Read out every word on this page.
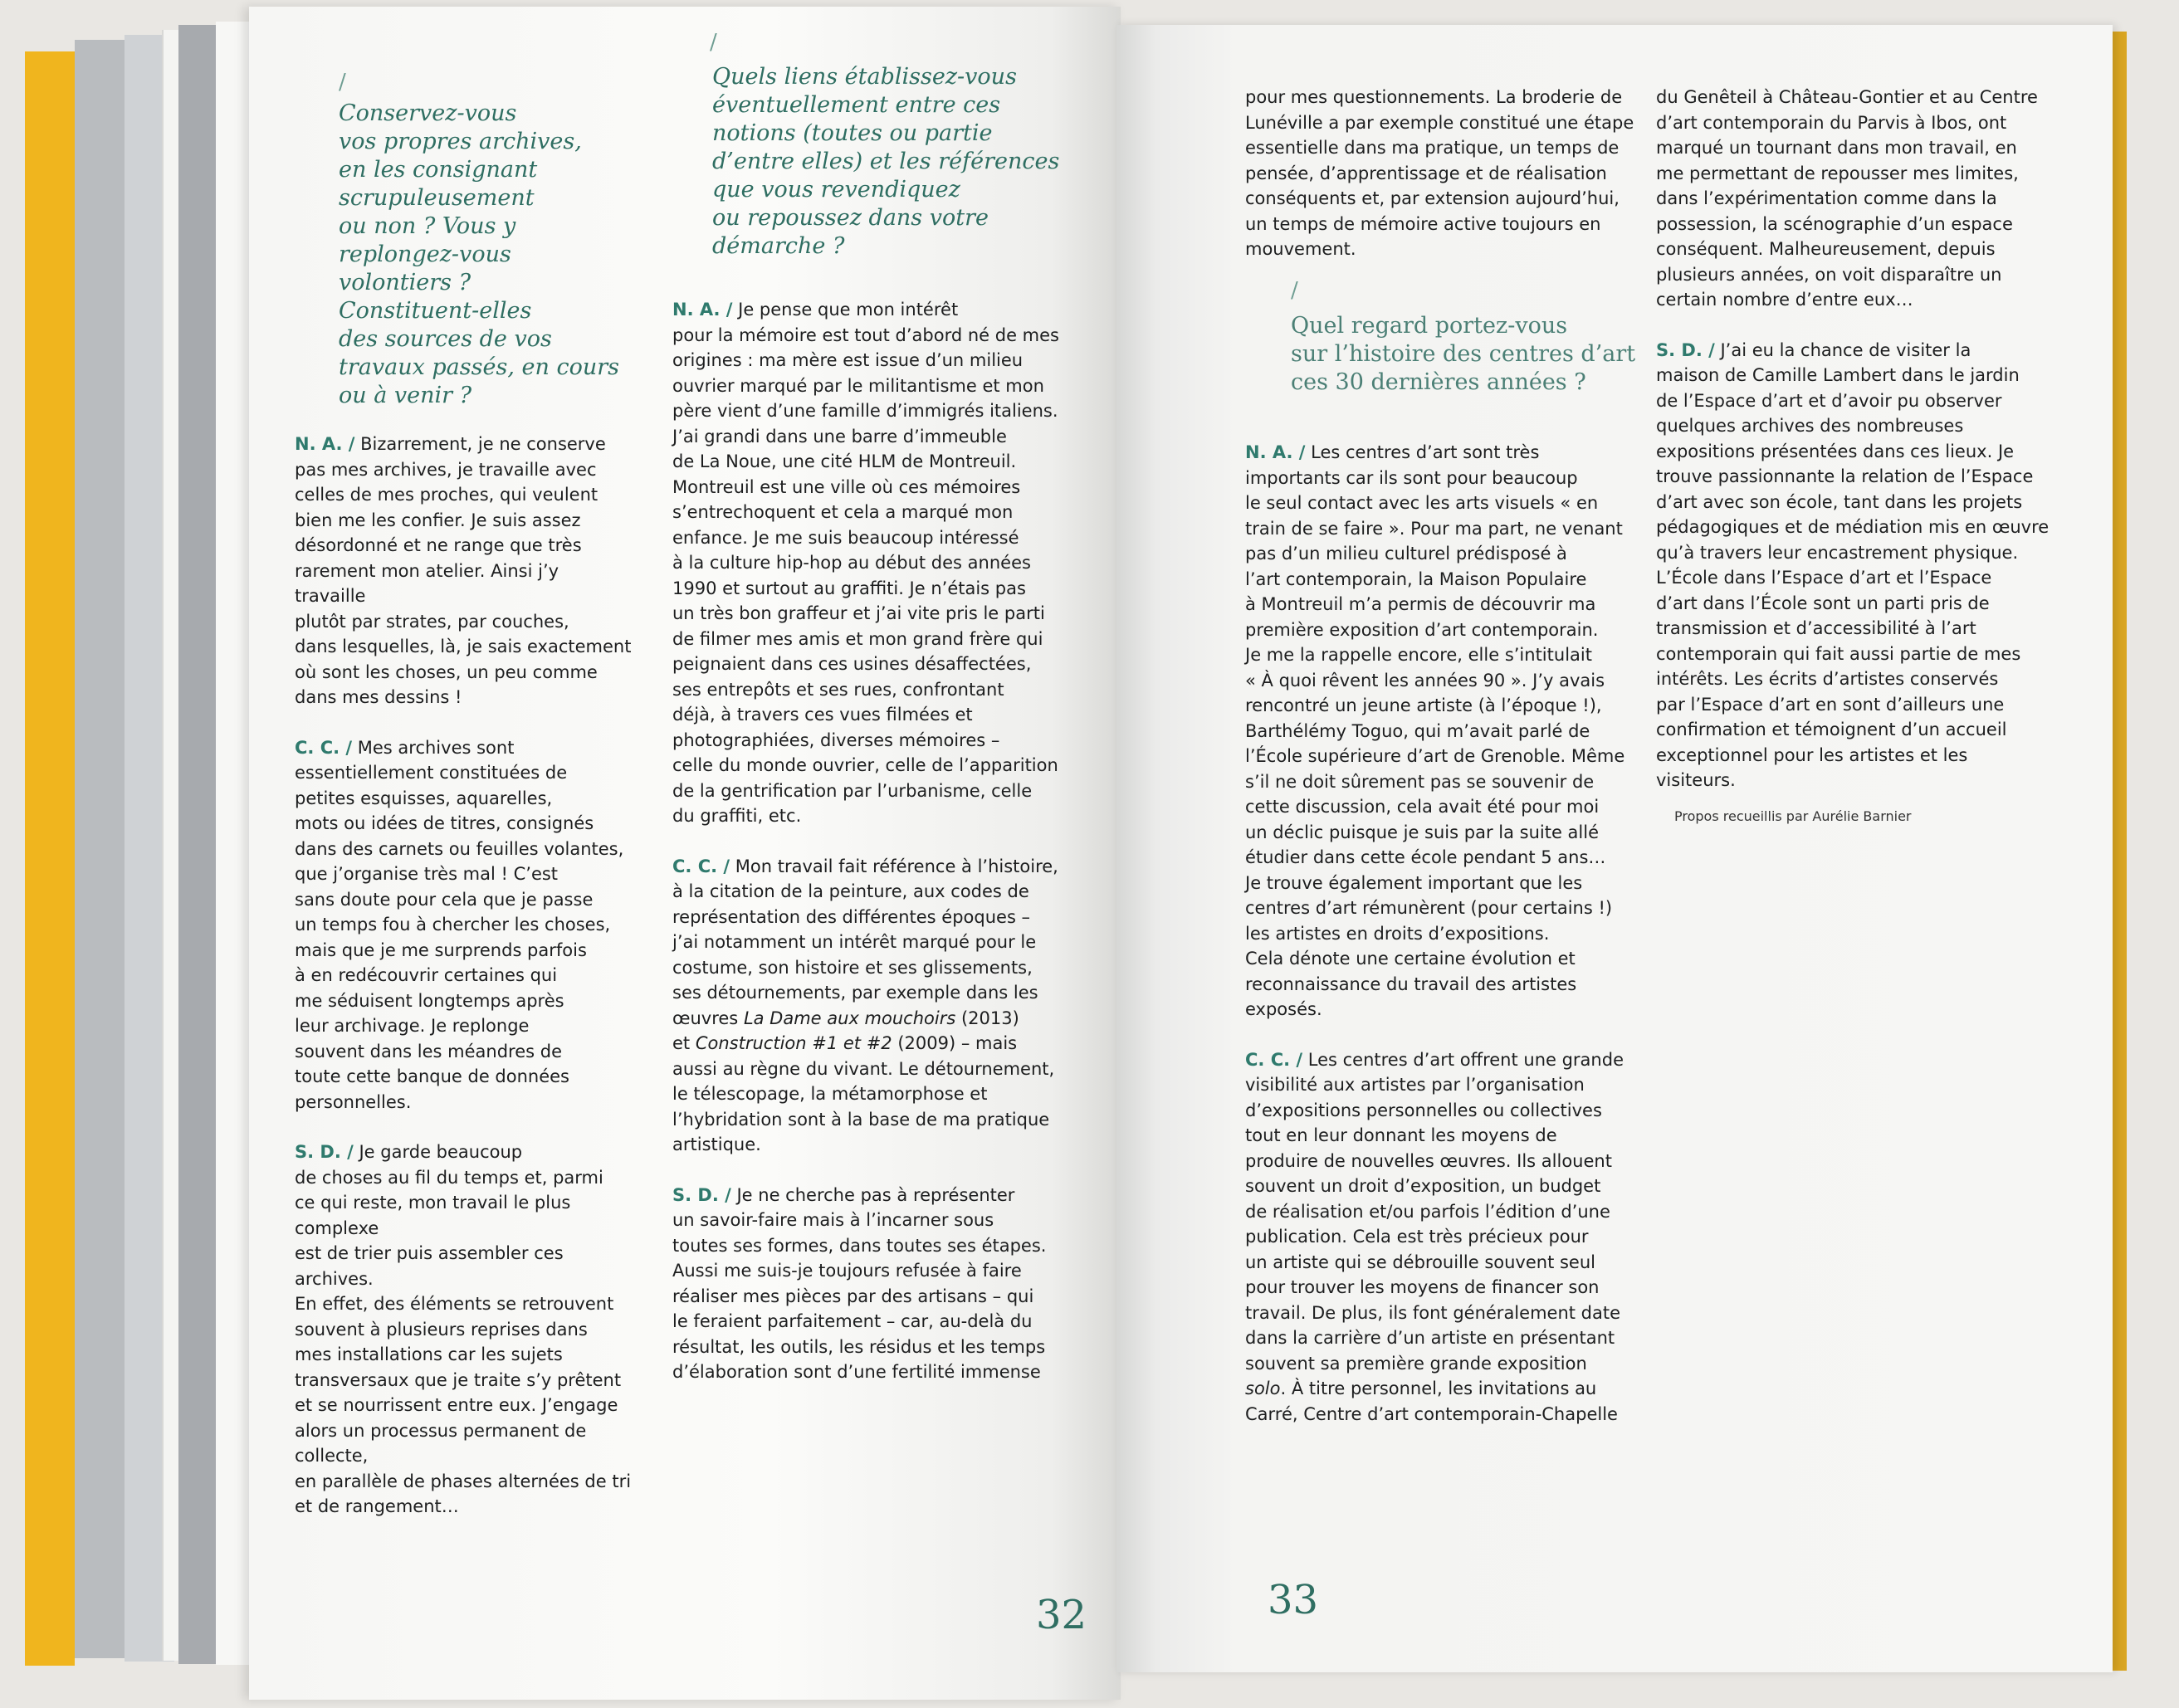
/
Conservez-vous
vos propres archives,
en les consignant
scrupuleusement
ou non ? Vous y
replongez-vous volontiers ?
Constituent-elles
des sources de vos
travaux passés, en cours
ou à venir ?

N. A. / Bizarrement, je ne conserve
pas mes archives, je travaille avec
celles de mes proches, qui veulent
bien me les confier. Je suis assez
désordonné et ne range que très
rarement mon atelier. Ainsi j’y travaille
plutôt par strates, par couches,
dans lesquelles, là, je sais exactement
où sont les choses, un peu comme
dans mes dessins !

C. C. / Mes archives sont
essentiellement constituées de
petites esquisses, aquarelles,
mots ou idées de titres, consignés
dans des carnets ou feuilles volantes,
que j’organise très mal ! C’est
sans doute pour cela que je passe
un temps fou à chercher les choses,
mais que je me surprends parfois
à en redécouvrir certaines qui
me séduisent longtemps après
leur archivage. Je replonge
souvent dans les méandres de
toute cette banque de données
personnelles.

S. D. / Je garde beaucoup
de choses au fil du temps et, parmi
ce qui reste, mon travail le plus complexe
est de trier puis assembler ces archives.
En effet, des éléments se retrouvent
souvent à plusieurs reprises dans
mes installations car les sujets
transversaux que je traite s’y prêtent
et se nourrissent entre eux. J’engage
alors un processus permanent de collecte,
en parallèle de phases alternées de tri
et de rangement…

/
Quels liens établissez-vous
éventuellement entre ces
notions (toutes ou partie
d’entre elles) et les références
que vous revendiquez
ou repoussez dans votre
démarche ?

N. A. / Je pense que mon intérêt
pour la mémoire est tout d’abord né de mes
origines : ma mère est issue d’un milieu
ouvrier marqué par le militantisme et mon
père vient d’une famille d’immigrés italiens.
J’ai grandi dans une barre d’immeuble
de La Noue, une cité HLM de Montreuil.
Montreuil est une ville où ces mémoires
s’entrechoquent et cela a marqué mon
enfance. Je me suis beaucoup intéressé
à la culture hip-hop au début des années
1990 et surtout au graffiti. Je n’étais pas
un très bon graffeur et j’ai vite pris le parti
de filmer mes amis et mon grand frère qui
peignaient dans ces usines désaffectées,
ses entrepôts et ses rues, confrontant
déjà, à travers ces vues filmées et
photographiées, diverses mémoires –
celle du monde ouvrier, celle de l’apparition
de la gentrification par l’urbanisme, celle
du graffiti, etc.

C. C. / Mon travail fait référence à l’histoire,
à la citation de la peinture, aux codes de
représentation des différentes époques –
j’ai notamment un intérêt marqué pour le
costume, son histoire et ses glissements,
ses détournements, par exemple dans les
œuvres La Dame aux mouchoirs (2013)
et Construction #1 et #2 (2009) – mais
aussi au règne du vivant. Le détournement,
le télescopage, la métamorphose et
l’hybridation sont à la base de ma pratique
artistique.

S. D. / Je ne cherche pas à représenter
un savoir-faire mais à l’incarner sous
toutes ses formes, dans toutes ses étapes.
Aussi me suis-je toujours refusée à faire
réaliser mes pièces par des artisans – qui
le feraient parfaitement – car, au-delà du
résultat, les outils, les résidus et les temps
d’élaboration sont d’une fertilité immense

32

pour mes questionnements. La broderie de
Lunéville a par exemple constitué une étape
essentielle dans ma pratique, un temps de
pensée, d’apprentissage et de réalisation
conséquents et, par extension aujourd’hui,
un temps de mémoire active toujours en
mouvement.

/
Quel regard portez-vous
sur l’histoire des centres d’art
ces 30 dernières années ?

N. A. / Les centres d’art sont très
importants car ils sont pour beaucoup
le seul contact avec les arts visuels « en
train de se faire ». Pour ma part, ne venant
pas d’un milieu culturel prédisposé à
l’art contemporain, la Maison Populaire
à Montreuil m’a permis de découvrir ma
première exposition d’art contemporain.
Je me la rappelle encore, elle s’intitulait
« À quoi rêvent les années 90 ». J’y avais
rencontré un jeune artiste (à l’époque !),
Barthélémy Toguo, qui m’avait parlé de
l’École supérieure d’art de Grenoble. Même
s’il ne doit sûrement pas se souvenir de
cette discussion, cela avait été pour moi
un déclic puisque je suis par la suite allé
étudier dans cette école pendant 5 ans…
Je trouve également important que les
centres d’art rémunèrent (pour certains !)
les artistes en droits d’expositions.
Cela dénote une certaine évolution et
reconnaissance du travail des artistes
exposés.

C. C. / Les centres d’art offrent une grande
visibilité aux artistes par l’organisation
d’expositions personnelles ou collectives
tout en leur donnant les moyens de
produire de nouvelles œuvres. Ils allouent
souvent un droit d’exposition, un budget
de réalisation et/ou parfois l’édition d’une
publication. Cela est très précieux pour
un artiste qui se débrouille souvent seul
pour trouver les moyens de financer son
travail. De plus, ils font généralement date
dans la carrière d’un artiste en présentant
souvent sa première grande exposition
solo. À titre personnel, les invitations au
Carré, Centre d’art contemporain-Chapelle

du Genêteil à Château-Gontier et au Centre
d’art contemporain du Parvis à Ibos, ont
marqué un tournant dans mon travail, en
me permettant de repousser mes limites,
dans l’expérimentation comme dans la
possession, la scénographie d’un espace
conséquent. Malheureusement, depuis
plusieurs années, on voit disparaître un
certain nombre d’entre eux…

S. D. / J’ai eu la chance de visiter la
maison de Camille Lambert dans le jardin
de l’Espace d’art et d’avoir pu observer
quelques archives des nombreuses
expositions présentées dans ces lieux. Je
trouve passionnante la relation de l’Espace
d’art avec son école, tant dans les projets
pédagogiques et de médiation mis en œuvre
qu’à travers leur encastrement physique.
L’École dans l’Espace d’art et l’Espace
d’art dans l’École sont un parti pris de
transmission et d’accessibilité à l’art
contemporain qui fait aussi partie de mes
intérêts. Les écrits d’artistes conservés
par l’Espace d’art en sont d’ailleurs une
confirmation et témoignent d’un accueil
exceptionnel pour les artistes et les
visiteurs.

Propos recueillis par Aurélie Barnier
33
